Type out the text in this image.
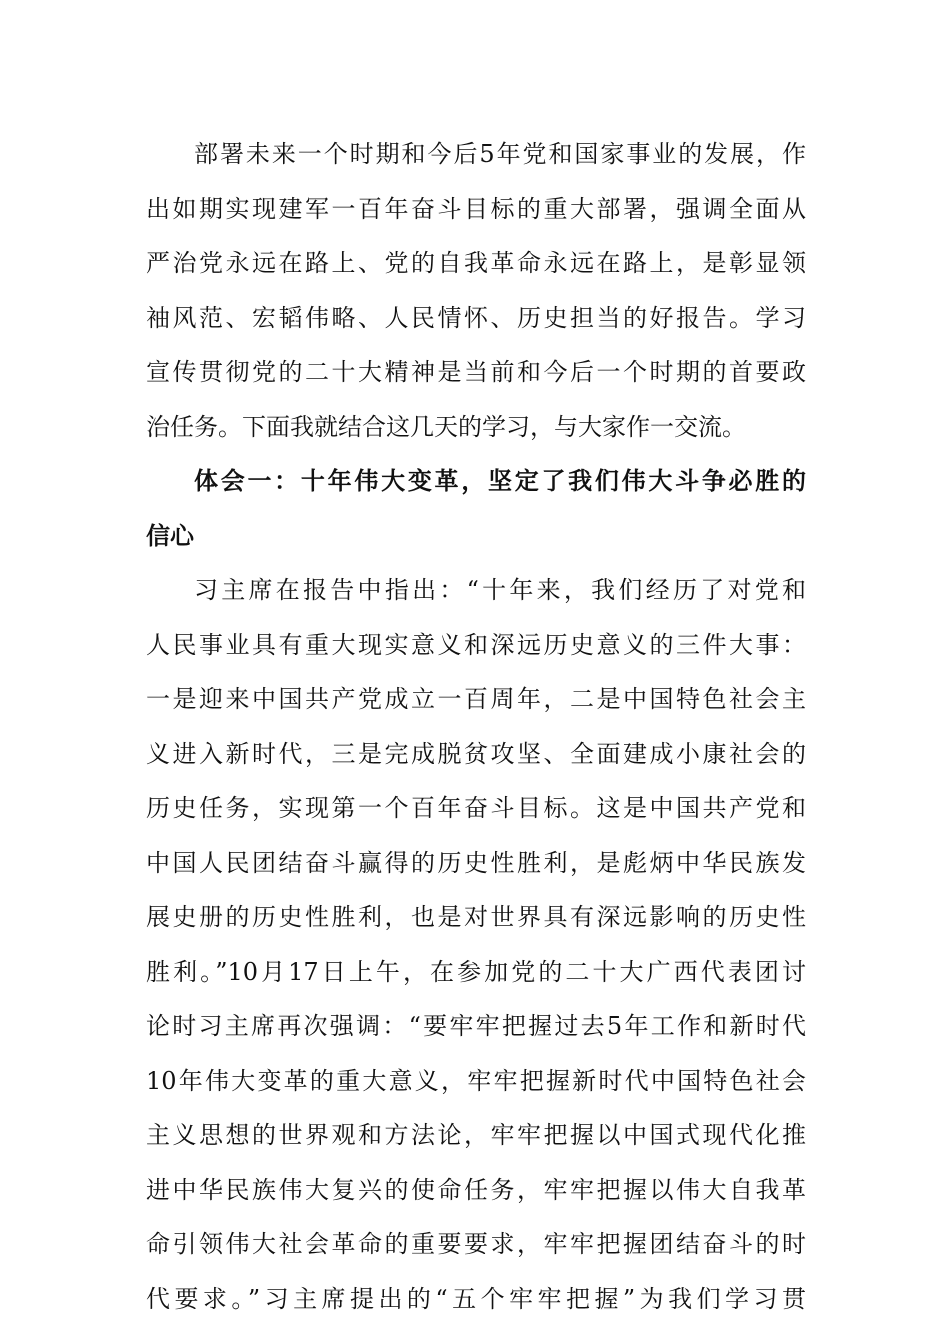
部署未来一个时期和今后5年党和国家事业的发展，作
出如期实现建军一百年奋斗目标的重大部署，强调全面从
严治党永远在路上、党的自我革命永远在路上，是彰显领
袖风范、宏韬伟略、人民情怀、历史担当的好报告。学习
宣传贯彻党的二十大精神是当前和今后一个时期的首要政
治任务。下面我就结合这几天的学习，与大家作一交流。
体会一：十年伟大变革，坚定了我们伟大斗争必胜的
信心
习主席在报告中指出：“十年来，我们经历了对党和
人民事业具有重大现实意义和深远历史意义的三件大事：
一是迎来中国共产党成立一百周年，二是中国特色社会主
义进入新时代，三是完成脱贫攻坚、全面建成小康社会的
历史任务，实现第一个百年奋斗目标。这是中国共产党和
中国人民团结奋斗赢得的历史性胜利，是彪炳中华民族发
展史册的历史性胜利，也是对世界具有深远影响的历史性
胜利。”10月17日上午，在参加党的二十大广西代表团讨
论时习主席再次强调：“要牢牢把握过去5年工作和新时代
10年伟大变革的重大意义，牢牢把握新时代中国特色社会
主义思想的世界观和方法论，牢牢把握以中国式现代化推
进中华民族伟大复兴的使命任务，牢牢把握以伟大自我革
命引领伟大社会革命的重要要求，牢牢把握团结奋斗的时
代要求。”习主席提出的“五个牢牢把握”为我们学习贯
